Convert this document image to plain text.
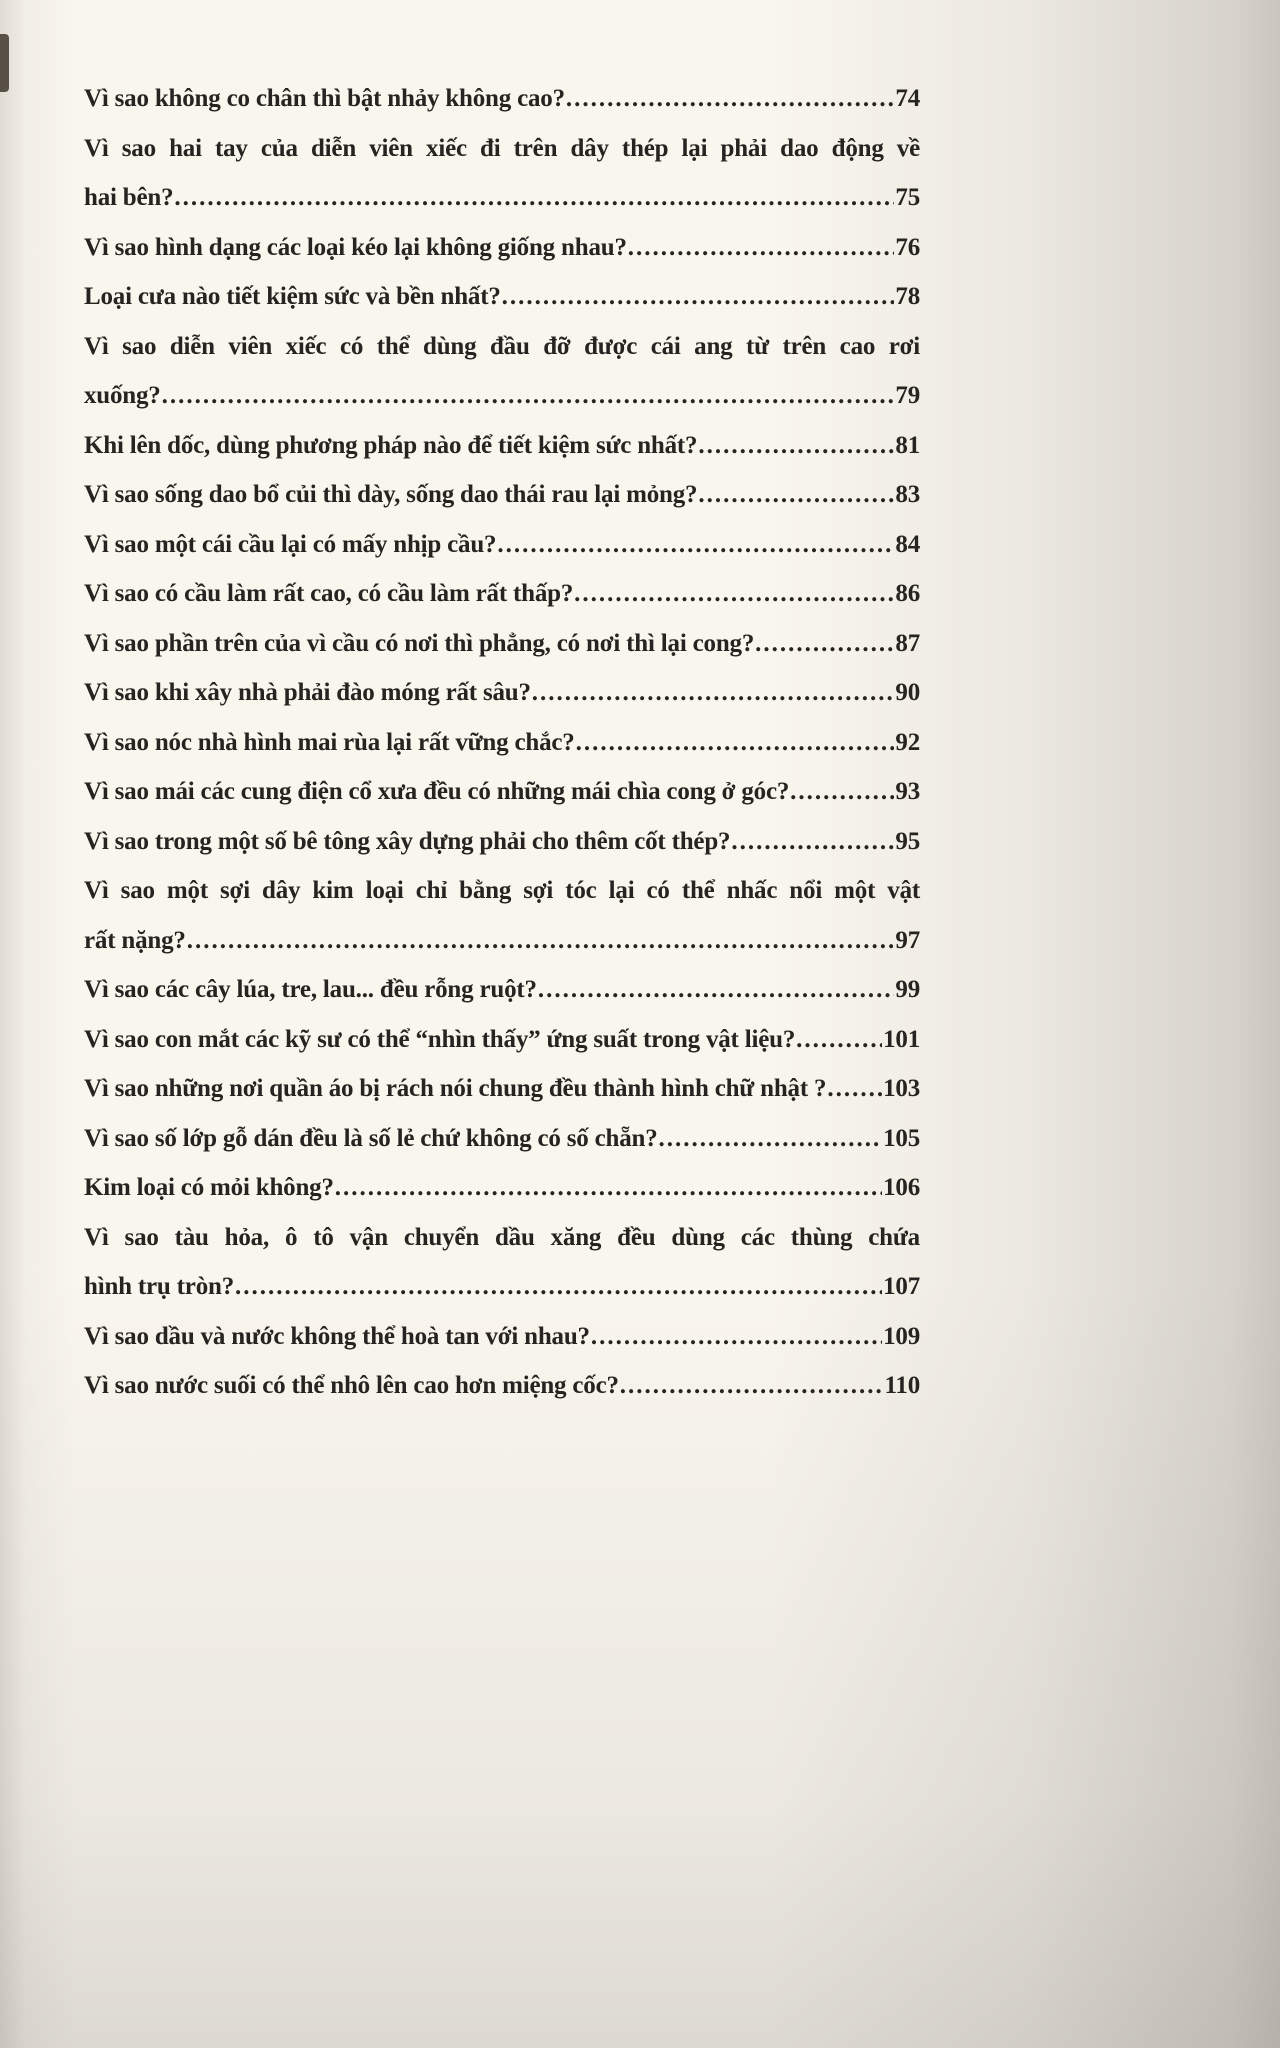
Vì sao không co chân thì bật nhảy không cao? .....	74
Vì sao hai tay của diễn viên xiếc đi trên dây thép lại phải dao động về
hai bên? .....	75
Vì sao hình dạng các loại kéo lại không giống nhau? .....	76
Loại cưa nào tiết kiệm sức và bền nhất? .....	78
Vì sao diễn viên xiếc có thể dùng đầu đỡ được cái ang từ trên cao rơi
xuống? .....	79
Khi lên dốc, dùng phương pháp nào để tiết kiệm sức nhất? .....	81
Vì sao sống dao bổ củi thì dày, sống dao thái rau lại mỏng? .....	83
Vì sao một cái cầu lại có mấy nhịp cầu? .....	84
Vì sao có cầu làm rất cao, có cầu làm rất thấp? .....	86
Vì sao phần trên của vì cầu có nơi thì phẳng, có nơi thì lại cong? .....	87
Vì sao khi xây nhà phải đào móng rất sâu? .....	90
Vì sao nóc nhà hình mai rùa lại rất vững chắc? .....	92
Vì sao mái các cung điện cổ xưa đều có những mái chìa cong ở góc? .....	93
Vì sao trong một số bê tông xây dựng phải cho thêm cốt thép? .....	95
Vì sao một sợi dây kim loại chỉ bằng sợi tóc lại có thể nhấc nổi một vật
rất nặng? .....	97
Vì sao các cây lúa, tre, lau... đều rỗng ruột? .....	99
Vì sao con mắt các kỹ sư có thể “nhìn thấy” ứng suất trong vật liệu? .....	101
Vì sao những nơi quần áo bị rách nói chung đều thành hình chữ nhật ? ..... 103
Vì sao số lớp gỗ dán đều là số lẻ chứ không có số chẵn? .....	105
Kim loại có mỏi không? .....	106
Vì sao tàu hỏa, ô tô vận chuyển dầu xăng đều dùng các thùng chứa
hình trụ tròn? .....	107
Vì sao dầu và nước không thể hoà tan với nhau? .....	109
Vì sao nước suối có thể nhô lên cao hơn miệng cốc? .....	110
